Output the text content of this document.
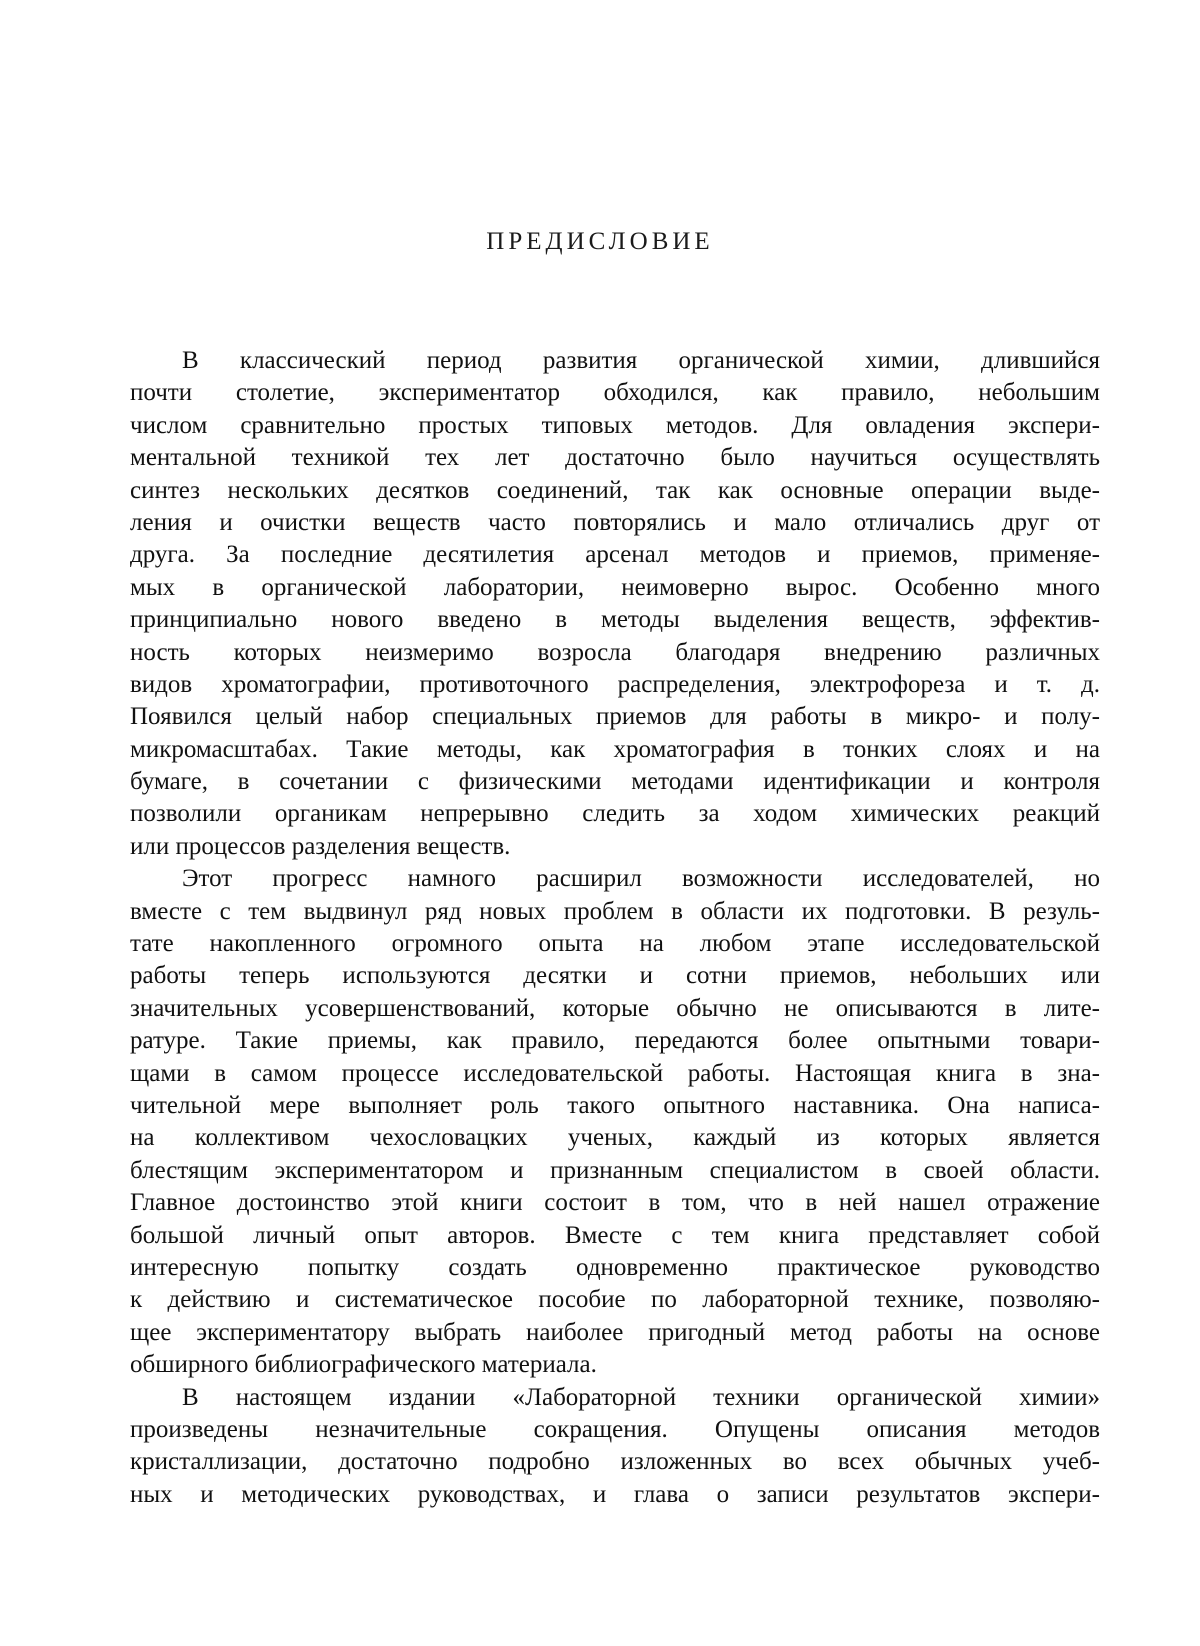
ПРЕДИСЛОВИЕ
В классический период развития органической химии, длившийся
почти столетие, экспериментатор обходился, как правило, небольшим
числом сравнительно простых типовых методов. Для овладения экспери-
ментальной техникой тех лет достаточно было научиться осуществлять
синтез нескольких десятков соединений, так как основные операции выде-
ления и очистки веществ часто повторялись и мало отличались друг от
друга. За последние десятилетия арсенал методов и приемов, применяе-
мых в органической лаборатории, неимоверно вырос. Особенно много
принципиально нового введено в методы выделения веществ, эффектив-
ность которых неизмеримо возросла благодаря внедрению различных
видов хроматографии, противоточного распределения, электрофореза и т. д.
Появился целый набор специальных приемов для работы в микро- и полу-
микромасштабах. Такие методы, как хроматография в тонких слоях и на
бумаге, в сочетании с физическими методами идентификации и контроля
позволили органикам непрерывно следить за ходом химических реакций
или процессов разделения веществ.
Этот прогресс намного расширил возможности исследователей, но
вместе с тем выдвинул ряд новых проблем в области их подготовки. В резуль-
тате накопленного огромного опыта на любом этапе исследовательской
работы теперь используются десятки и сотни приемов, небольших или
значительных усовершенствований, которые обычно не описываются в лите-
ратуре. Такие приемы, как правило, передаются более опытными товари-
щами в самом процессе исследовательской работы. Настоящая книга в зна-
чительной мере выполняет роль такого опытного наставника. Она написа-
на коллективом чехословацких ученых, каждый из которых является
блестящим экспериментатором и признанным специалистом в своей области.
Главное достоинство этой книги состоит в том, что в ней нашел отражение
большой личный опыт авторов. Вместе с тем книга представляет собой
интересную попытку создать одновременно практическое руководство
к действию и систематическое пособие по лабораторной технике, позволяю-
щее экспериментатору выбрать наиболее пригодный метод работы на основе
обширного библиографического материала.
В настоящем издании «Лабораторной техники органической химии»
произведены незначительные сокращения. Опущены описания методов
кристаллизации, достаточно подробно изложенных во всех обычных учеб-
ных и методических руководствах, и глава о записи результатов экспери-
